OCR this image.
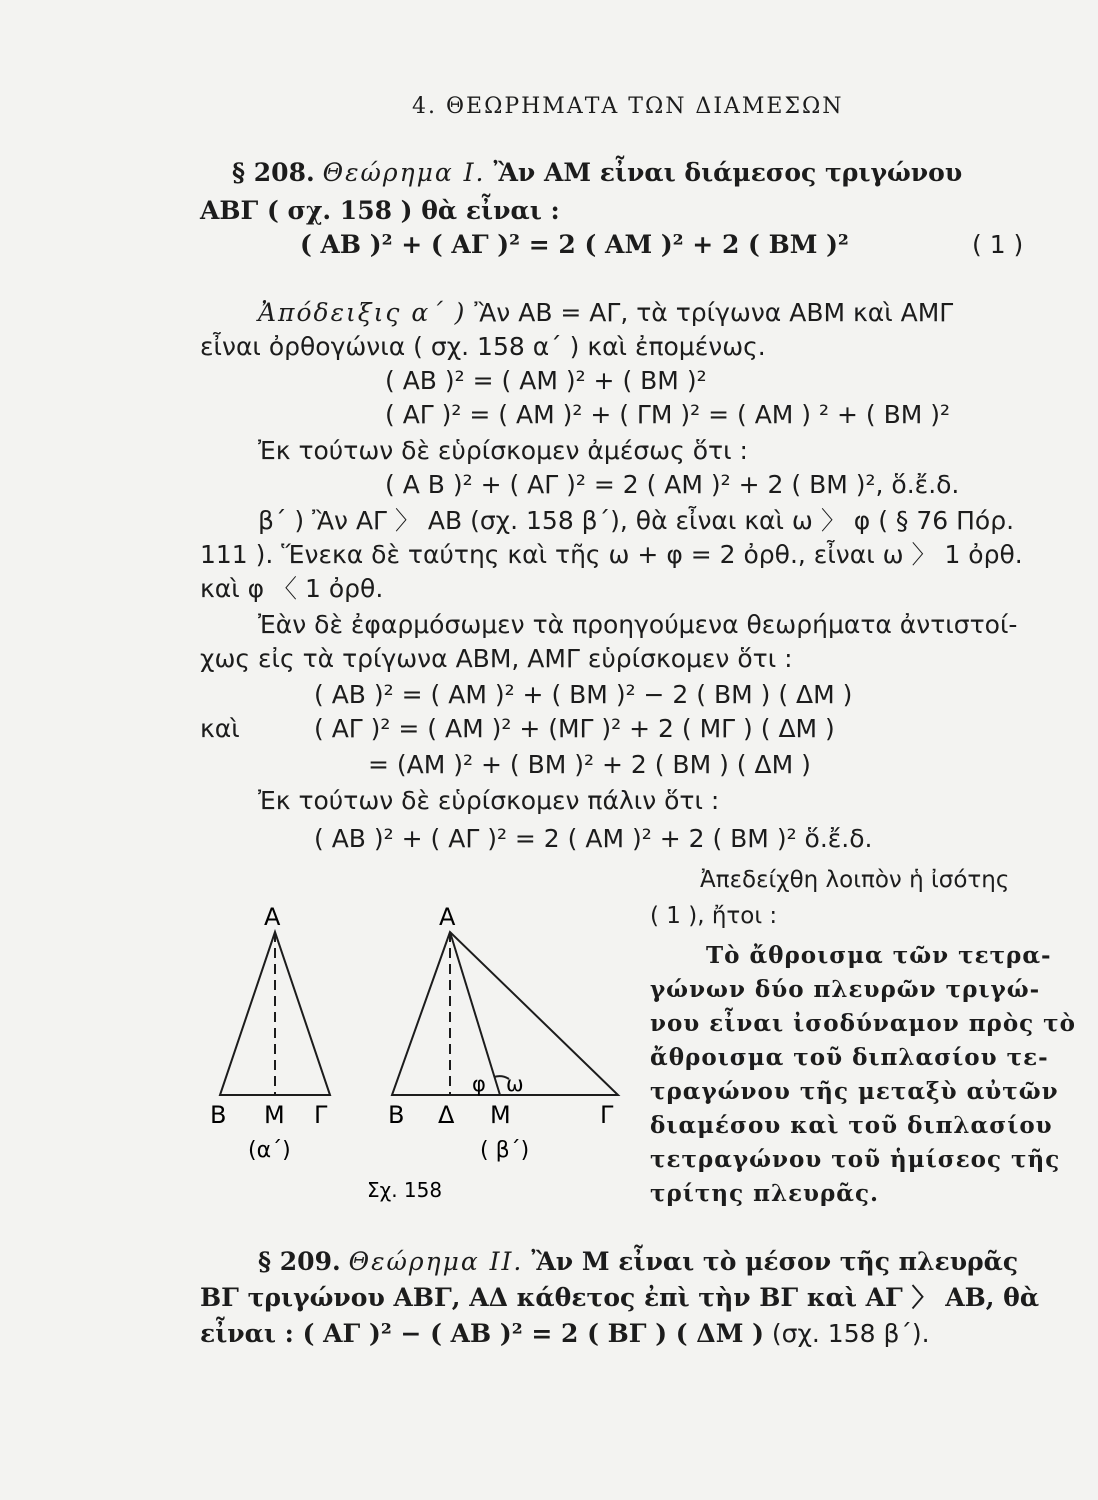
4. ΘΕΩΡΗΜΑΤΑ ΤΩΝ ΔΙΑΜΕΣΩΝ
§ 208. Θεώρημα Ι. Ἂν ΑΜ εἶναι διάμεσος τριγώνου
ΑΒΓ ( σχ. 158 ) θὰ εἶναι :
( ΑΒ )² + ( ΑΓ )² = 2 ( ΑΜ )² + 2 ( ΒΜ )²	( 1 )
Ἀπόδειξις α΄ ) Ἂν ΑΒ = ΑΓ, τὰ τρίγωνα ΑΒΜ καὶ ΑΜΓ
εἶναι ὀρθογώνια ( σχ. 158 α΄ ) καὶ ἐπομένως.
( ΑΒ )² = ( ΑΜ )² + ( ΒΜ )²
( ΑΓ )² = ( ΑΜ )² + ( ΓΜ )² = ( ΑΜ ) ² + ( ΒΜ )²
Ἐκ τούτων δὲ εὑρίσκομεν ἀμέσως ὅτι :
( Α Β )² + ( ΑΓ )² = 2 ( ΑΜ )² + 2 ( ΒΜ )², ὅ.ἔ.δ.
β΄ ) Ἂν ΑΓ 〉 ΑΒ (σχ. 158 β΄), θὰ εἶναι καὶ ω 〉 φ ( § 76 Πόρ.
111 ). Ἕνεκα δὲ ταύτης καὶ τῆς ω + φ = 2 ὀρθ., εἶναι ω 〉 1 ὀρθ.
καὶ φ 〈 1 ὀρθ.
Ἐὰν δὲ ἐφαρμόσωμεν τὰ προηγούμενα θεωρήματα ἀντιστοί-
χως εἰς τὰ τρίγωνα ΑΒΜ, ΑΜΓ εὑρίσκομεν ὅτι :
( ΑΒ )² = ( ΑΜ )² + ( ΒΜ )² − 2 ( ΒΜ ) ( ΔΜ )
καὶ	( ΑΓ )² = ( ΑΜ )² + (ΜΓ )² + 2 ( ΜΓ ) ( ΔΜ )
= (ΑΜ )² + ( ΒΜ )² + 2 ( ΒΜ ) ( ΔΜ )
Ἐκ τούτων δὲ εὑρίσκομεν πάλιν ὅτι :
( ΑΒ )² + ( ΑΓ )² = 2 ( ΑΜ )² + 2 ( ΒΜ )² ὅ.ἔ.δ.
Ἀπεδείχθη λοιπὸν ἡ ἰσότης
( 1 ), ἤτοι :
Τὸ ἄθροισμα τῶν τετρα-
γώνων δύο πλευρῶν τριγώ-
νου εἶναι ἰσοδύναμον πρὸς τὸ
ἄθροισμα τοῦ διπλασίου τε-
τραγώνου τῆς μεταξὺ αὐτῶν
διαμέσου καὶ τοῦ διπλασίου
τετραγώνου τοῦ ἡμίσεος τῆς
τρίτης πλευρᾶς.
Α
Β Μ Γ
(α΄)
Α
Β Δ Μ	Γ
φ ω
( β΄)
Σχ. 158
§ 209. Θεώρημα ΙΙ. Ἂν Μ εἶναι τὸ μέσον τῆς πλευρᾶς
ΒΓ τριγώνου ΑΒΓ, ΑΔ κάθετος ἐπὶ τὴν ΒΓ καὶ ΑΓ 〉 ΑΒ, θὰ
εἶναι : ( ΑΓ )² − ( ΑΒ )² = 2 ( ΒΓ ) ( ΔΜ ) (σχ. 158 β΄).
